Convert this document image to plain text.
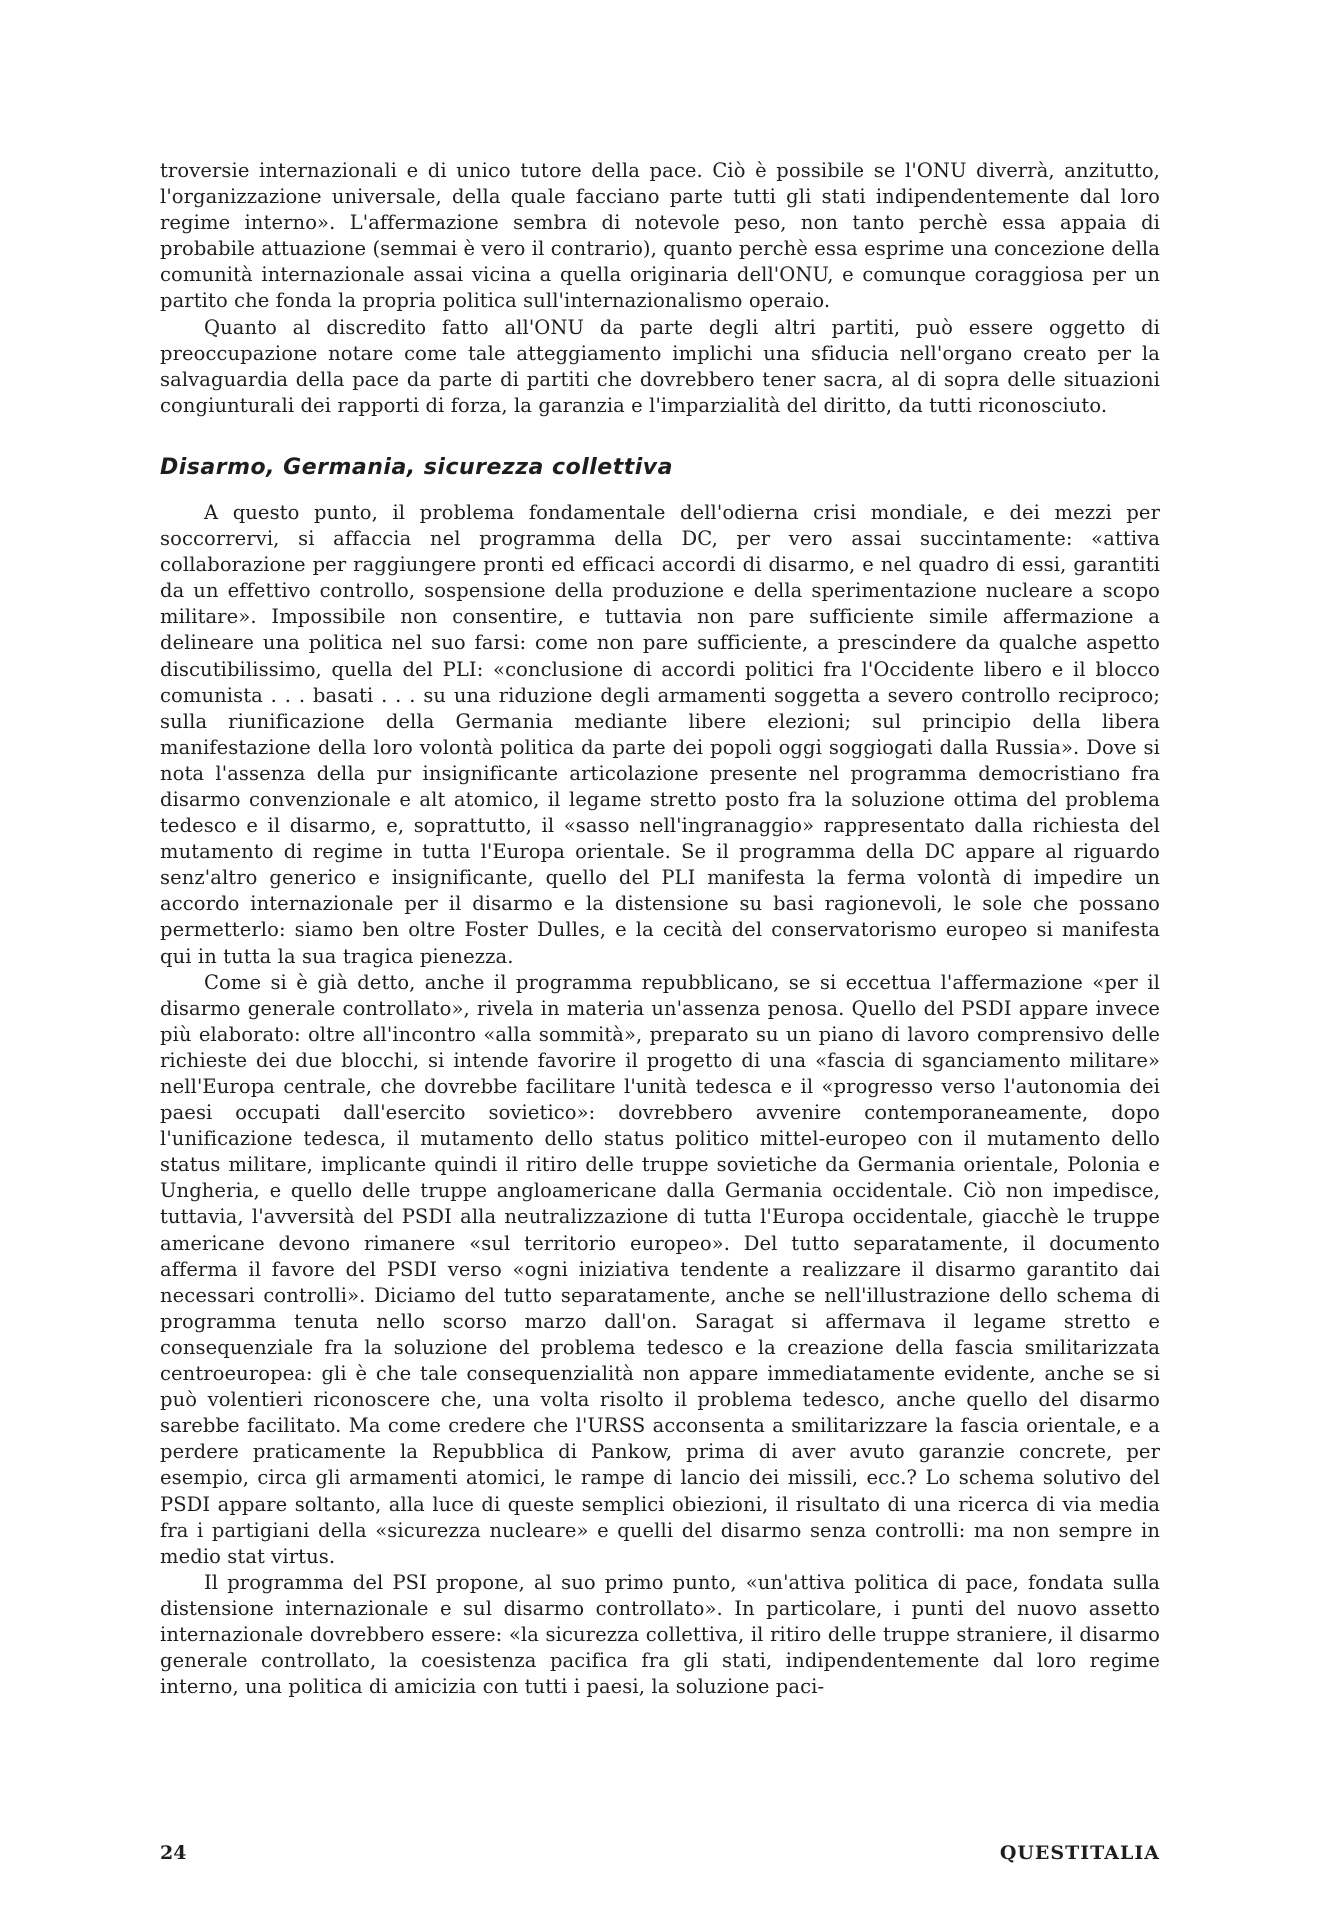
troversie internazionali e di unico tutore della pace. Ciò è possibile se l'ONU diverrà, anzitutto, l'organizzazione universale, della quale facciano parte tutti gli stati indipendentemente dal loro regime interno». L'affermazione sembra di notevole peso, non tanto perchè essa appaia di probabile attuazione (semmai è vero il contrario), quanto perchè essa esprime una concezione della comunità internazionale assai vicina a quella originaria dell'ONU, e comunque coraggiosa per un partito che fonda la propria politica sull'internazionalismo operaio.

Quanto al discredito fatto all'ONU da parte degli altri partiti, può essere oggetto di preoccupazione notare come tale atteggiamento implichi una sfiducia nell'organo creato per la salvaguardia della pace da parte di partiti che dovrebbero tener sacra, al di sopra delle situazioni congiunturali dei rapporti di forza, la garanzia e l'imparzialità del diritto, da tutti riconosciuto.

Disarmo, Germania, sicurezza collettiva

A questo punto, il problema fondamentale dell'odierna crisi mondiale, e dei mezzi per soccorrervi, si affaccia nel programma della DC, per vero assai succintamente: «attiva collaborazione per raggiungere pronti ed efficaci accordi di disarmo, e nel quadro di essi, garantiti da un effettivo controllo, sospensione della produzione e della sperimentazione nucleare a scopo militare». Impossibile non consentire, e tuttavia non pare sufficiente simile affermazione a delineare una politica nel suo farsi: come non pare sufficiente, a prescindere da qualche aspetto discutibilissimo, quella del PLI: «conclusione di accordi politici fra l'Occidente libero e il blocco comunista . . . basati . . . su una riduzione degli armamenti soggetta a severo controllo reciproco; sulla riunificazione della Germania mediante libere elezioni; sul principio della libera manifestazione della loro volontà politica da parte dei popoli oggi soggiogati dalla Russia». Dove si nota l'assenza della pur insignificante articolazione presente nel programma democristiano fra disarmo convenzionale e alt atomico, il legame stretto posto fra la soluzione ottima del problema tedesco e il disarmo, e, soprattutto, il «sasso nell'ingranaggio» rappresentato dalla richiesta del mutamento di regime in tutta l'Europa orientale. Se il programma della DC appare al riguardo senz'altro generico e insignificante, quello del PLI manifesta la ferma volontà di impedire un accordo internazionale per il disarmo e la distensione su basi ragionevoli, le sole che possano permetterlo: siamo ben oltre Foster Dulles, e la cecità del conservatorismo europeo si manifesta qui in tutta la sua tragica pienezza.

Come si è già detto, anche il programma repubblicano, se si eccettua l'affermazione «per il disarmo generale controllato», rivela in materia un'assenza penosa. Quello del PSDI appare invece più elaborato: oltre all'incontro «alla sommità», preparato su un piano di lavoro comprensivo delle richieste dei due blocchi, si intende favorire il progetto di una «fascia di sganciamento militare» nell'Europa centrale, che dovrebbe facilitare l'unità tedesca e il «progresso verso l'autonomia dei paesi occupati dall'esercito sovietico»: dovrebbero avvenire contemporaneamente, dopo l'unificazione tedesca, il mutamento dello status politico mittel-europeo con il mutamento dello status militare, implicante quindi il ritiro delle truppe sovietiche da Germania orientale, Polonia e Ungheria, e quello delle truppe angloamericane dalla Germania occidentale. Ciò non impedisce, tuttavia, l'avversità del PSDI alla neutralizzazione di tutta l'Europa occidentale, giacchè le truppe americane devono rimanere «sul territorio europeo». Del tutto separatamente, il documento afferma il favore del PSDI verso «ogni iniziativa tendente a realizzare il disarmo garantito dai necessari controlli». Diciamo del tutto separatamente, anche se nell'illustrazione dello schema di programma tenuta nello scorso marzo dall'on. Saragat si affermava il legame stretto e consequenziale fra la soluzione del problema tedesco e la creazione della fascia smilitarizzata centroeuropea: gli è che tale consequenzialità non appare immediatamente evidente, anche se si può volentieri riconoscere che, una volta risolto il problema tedesco, anche quello del disarmo sarebbe facilitato. Ma come credere che l'URSS acconsenta a smilitarizzare la fascia orientale, e a perdere praticamente la Repubblica di Pankow, prima di aver avuto garanzie concrete, per esempio, circa gli armamenti atomici, le rampe di lancio dei missili, ecc.? Lo schema solutivo del PSDI appare soltanto, alla luce di queste semplici obiezioni, il risultato di una ricerca di via media fra i partigiani della «sicurezza nucleare» e quelli del disarmo senza controlli: ma non sempre in medio stat virtus.

Il programma del PSI propone, al suo primo punto, «un'attiva politica di pace, fondata sulla distensione internazionale e sul disarmo controllato». In particolare, i punti del nuovo assetto internazionale dovrebbero essere: «la sicurezza collettiva, il ritiro delle truppe straniere, il disarmo generale controllato, la coesistenza pacifica fra gli stati, indipendentemente dal loro regime interno, una politica di amicizia con tutti i paesi, la soluzione paci-

24	QUESTITALIA
